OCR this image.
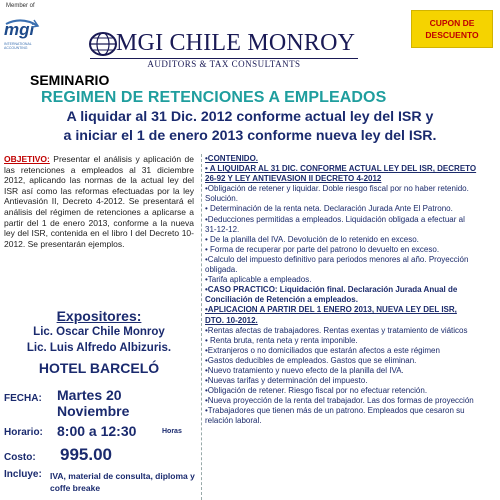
Member of
mgi
INTERNATIONAL ACCOUNTING	MGI CHILE MONROY
AUDITORS & TAX CONSULTANTS
CUPON DE
DESCUENTO
SEMINARIO
REGIMEN DE RETENCIONES A EMPLEADOS
A liquidar al 31 Dic. 2012 conforme actual ley del ISR y
a iniciar el 1 de enero 2013 conforme nueva ley del ISR.

OBJETIVO: Presentar el análisis y aplicación de las retenciones a empleados al 31 diciembre 2012, aplicando las normas de la actual ley del ISR así como las reformas efectuadas por la ley Antievasión II, Decreto 4-2012. Se presentará el análisis del régimen de retenciones a aplicarse a partir del 1 de enero 2013, conforme a la nueva ley del ISR, contenida en el libro I del Decreto 10-2012. Se presentarán ejemplos.

Expositores:
Lic. Oscar Chile Monroy
Lic. Luis Alfredo Albizuris.
HOTEL BARCELÓ
FECHA: Martes 20
Noviembre
Horario: 8:00 a 12:30	Horas
Costo: 995.00
Incluye: IVA, material de consulta, diploma y coffe breake
•CONTENIDO.
• A LIQUIDAR AL 31 DIC. CONFORME ACTUAL LEY DEL ISR, DECRETO 26-92 Y LEY ANTIEVASION II DECRETO 4-2012
•Obligación de retener y liquidar. Doble riesgo fiscal por no haber retenido. Solución.
• Determinación de la renta neta. Declaración Jurada Ante El Patrono.
•Deducciones permitidas a empleados. Liquidación obligada a efectuar al 31-12-12.
• De la planilla del IVA. Devolución de lo retenido en exceso.
• Forma de recuperar por parte del patrono lo devuelto en exceso.
•Calculo del impuesto definitivo para periodos menores al año. Proyección obligada.
•Tarifa aplicable a empleados.
•CASO PRACTICO: Liquidación final. Declaración Jurada Anual de Conciliación de Retención a empleados.
•APLICACION A PARTIR DEL 1 ENERO 2013, NUEVA LEY DEL ISR, DTO. 10-2012.
•Rentas afectas de trabajadores. Rentas exentas y tratamiento de viáticos
• Renta bruta, renta neta y renta imponible.
•Extranjeros o no domiciliados que estarán afectos a este régimen
•Gastos deducibles de empleados. Gastos que se eliminan.
•Nuevo tratamiento y nuevo efecto de la planilla del IVA.
•Nuevas tarifas y determinación del impuesto.
•Obligación de retener. Riesgo fiscal por no efectuar retención.
•Nueva proyección de la renta del trabajador. Las dos formas de proyección
•Trabajadores que tienen más de un patrono. Empleados que cesaron su relación laboral.
